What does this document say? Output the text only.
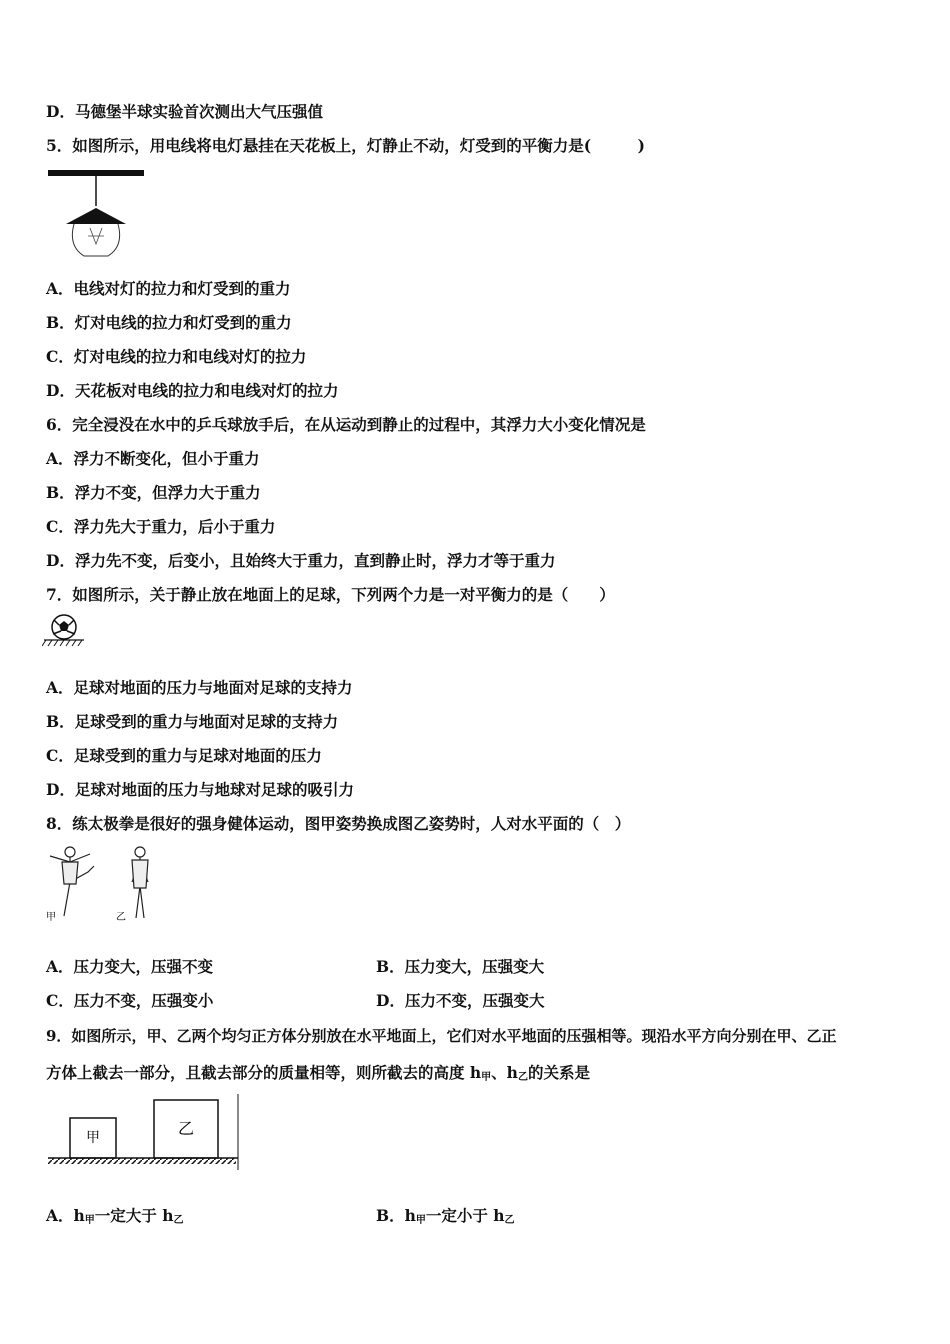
D．马德堡半球实验首次测出大气压强值
5．如图所示，用电线将电灯悬挂在天花板上，灯静止不动，灯受到的平衡力是(　　　)
A．电线对灯的拉力和灯受到的重力
B．灯对电线的拉力和灯受到的重力
C．灯对电线的拉力和电线对灯的拉力
D．天花板对电线的拉力和电线对灯的拉力
6．完全浸没在水中的乒乓球放手后，在从运动到静止的过程中，其浮力大小变化情况是
A．浮力不断变化，但小于重力
B．浮力不变，但浮力大于重力
C．浮力先大于重力，后小于重力
D．浮力先不变，后变小，且始终大于重力，直到静止时，浮力才等于重力
7．如图所示，关于静止放在地面上的足球，下列两个力是一对平衡力的是（　　）
A．足球对地面的压力与地面对足球的支持力
B．足球受到的重力与地面对足球的支持力
C．足球受到的重力与足球对地面的压力
D．足球对地面的压力与地球对足球的吸引力
8．练太极拳是很好的强身健体运动，图甲姿势换成图乙姿势时，人对水平面的（　）
甲	乙
A．压力变大，压强不变	B．压力变大，压强变大
C．压力不变，压强变小	D．压力不变，压强变大
9．如图所示，甲、乙两个均匀正方体分别放在水平地面上，它们对水平地面的压强相等。现沿水平方向分别在甲、乙正
方体上截去一部分，且截去部分的质量相等，则所截去的高度 $h_甲$、$h_乙$的关系是
甲	乙
A．$h_甲$一定大于 $h_乙$	B．$h_甲$一定小于 $h_乙$
